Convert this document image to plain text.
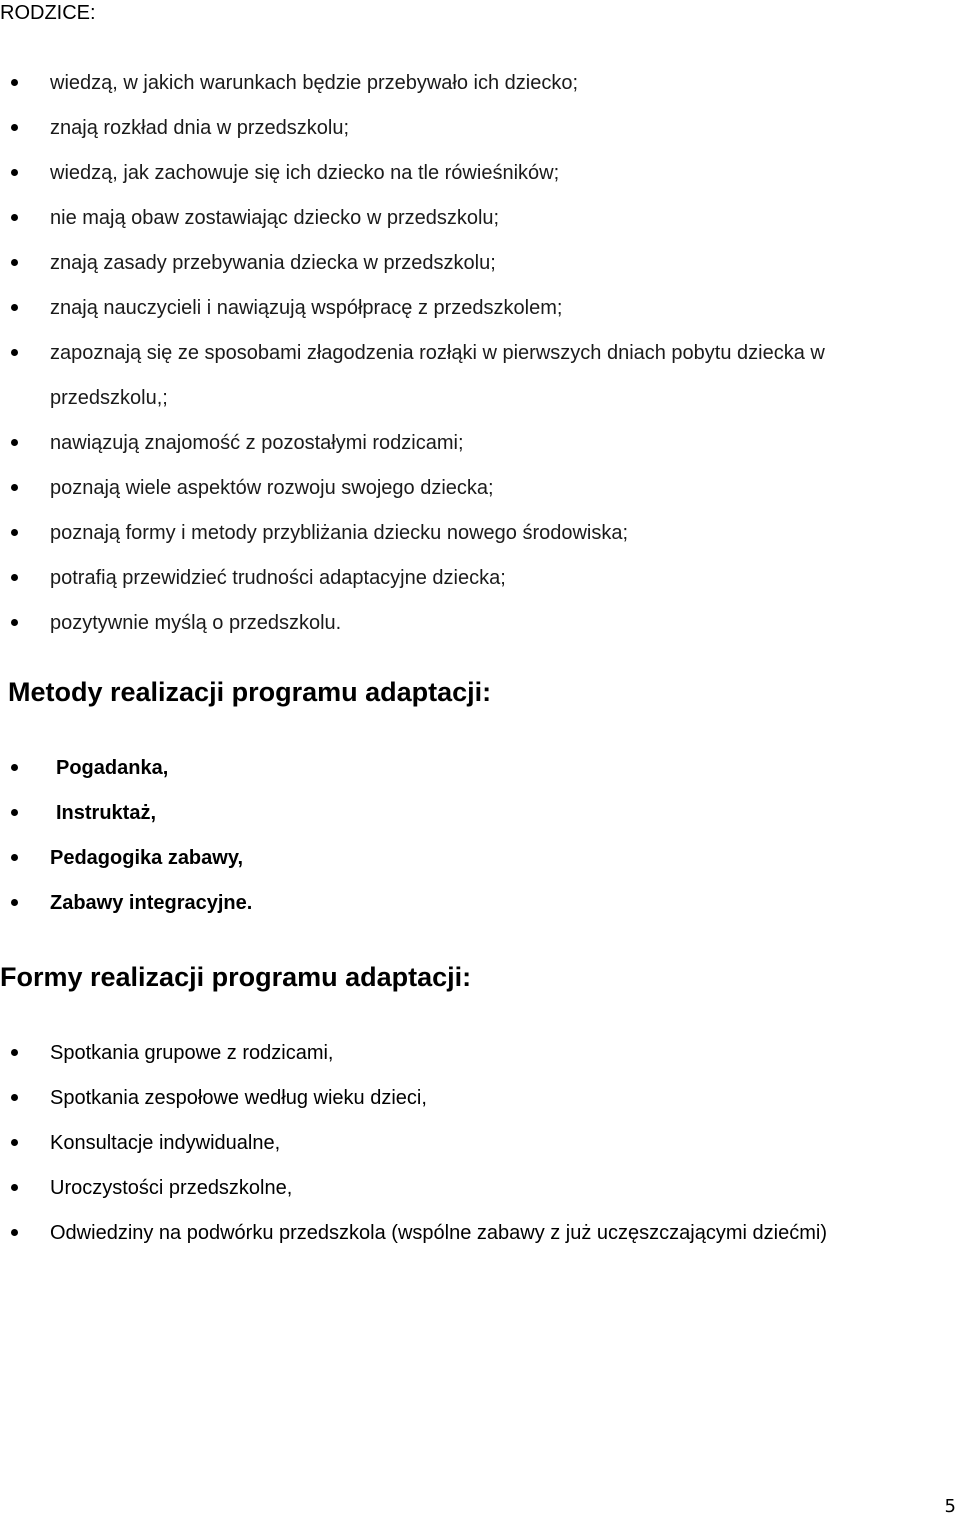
RODZICE:
wiedzą, w jakich warunkach będzie przebywało ich dziecko;
znają rozkład dnia w przedszkolu;
wiedzą, jak zachowuje się ich dziecko na tle rówieśników;
nie mają obaw zostawiając dziecko w przedszkolu;
znają zasady przebywania dziecka w przedszkolu;
znają nauczycieli i nawiązują współpracę z przedszkolem;
zapoznają się ze sposobami złagodzenia rozłąki w pierwszych dniach pobytu dziecka w
przedszkolu,;
nawiązują znajomość z pozostałymi rodzicami;
poznają wiele aspektów rozwoju swojego dziecka;
poznają formy i metody przybliżania dziecku nowego środowiska;
potrafią przewidzieć trudności adaptacyjne dziecka;
pozytywnie myślą o przedszkolu.
Metody realizacji programu adaptacji:
Pogadanka,
Instruktaż,
Pedagogika zabawy,
Zabawy integracyjne.
Formy realizacji programu adaptacji:
Spotkania grupowe z rodzicami,
Spotkania zespołowe według wieku dzieci,
Konsultacje indywidualne,
Uroczystości przedszkolne,
Odwiedziny na podwórku przedszkola (wspólne zabawy z już uczęszczającymi dziećmi)
5
